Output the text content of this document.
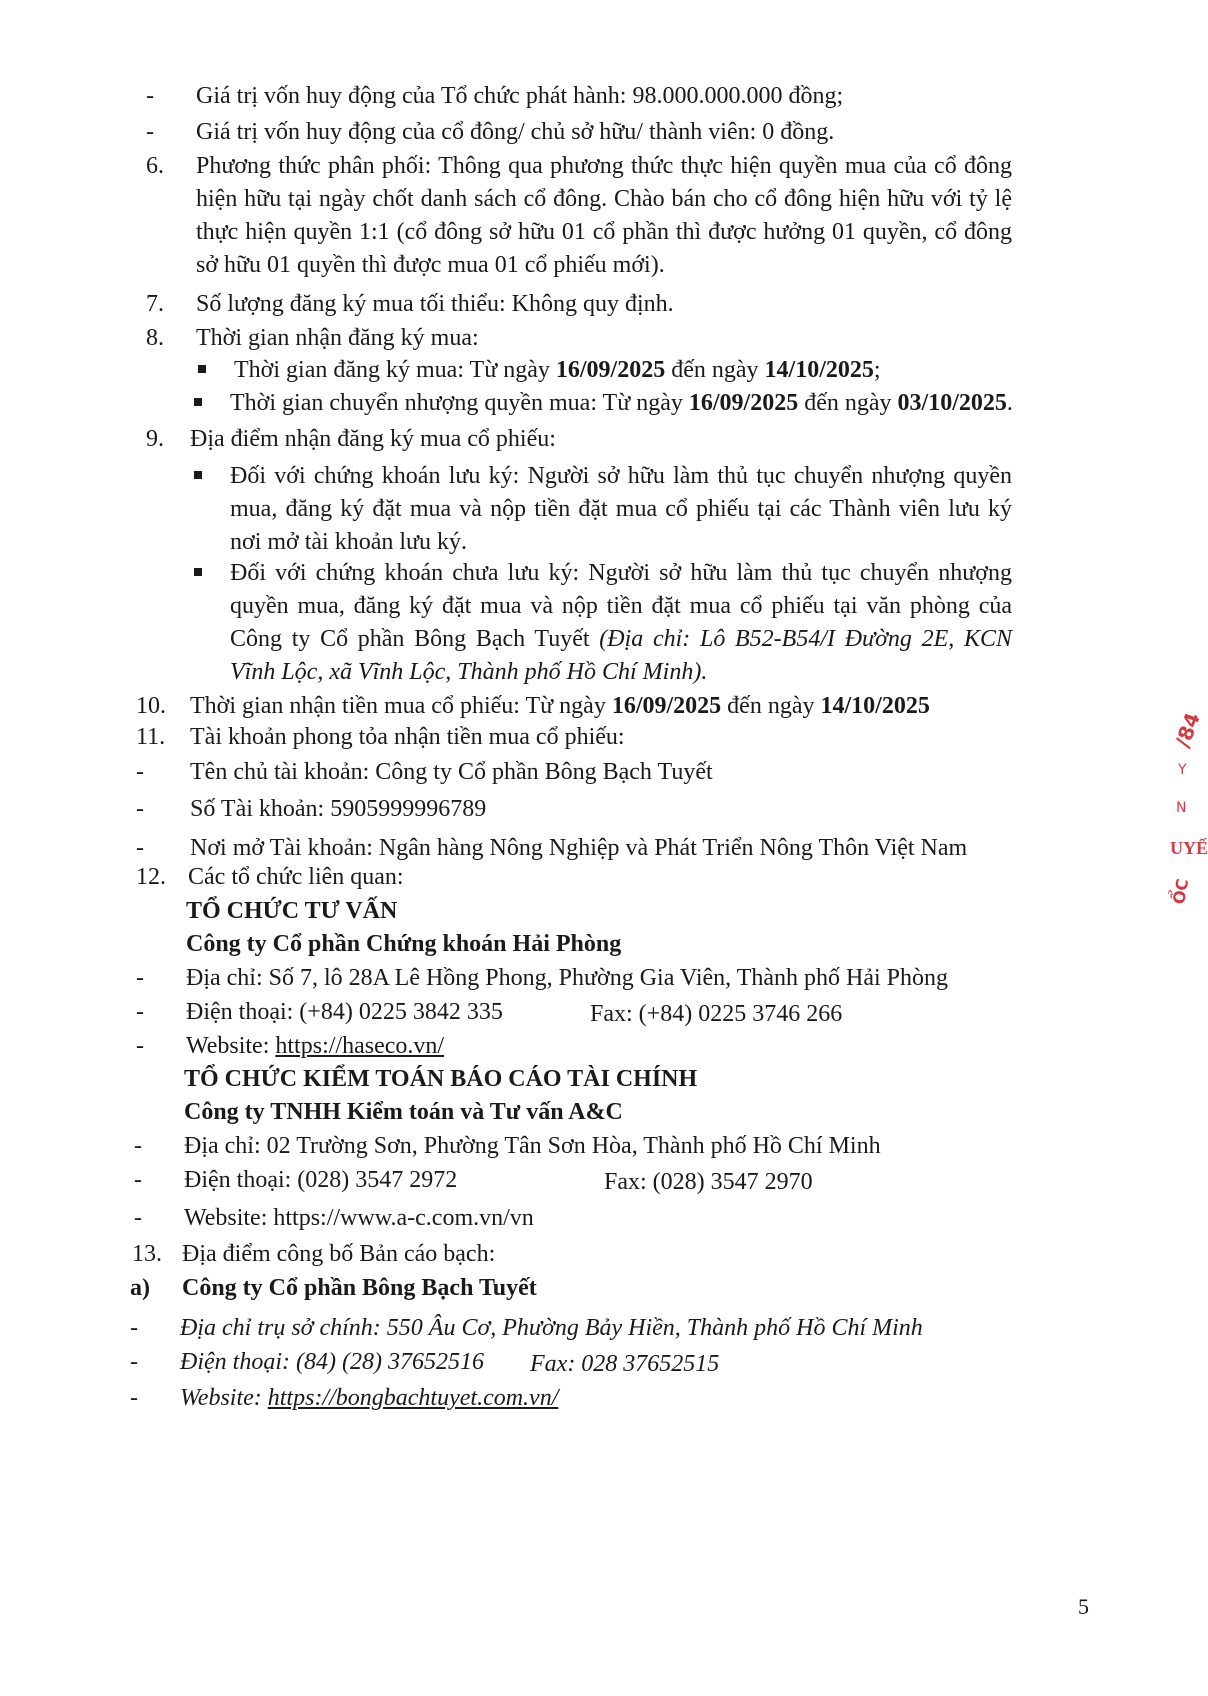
- Giá trị vốn huy động của Tổ chức phát hành: 98.000.000.000 đồng;
- Giá trị vốn huy động của cổ đông/ chủ sở hữu/ thành viên: 0 đồng.
6. Phương thức phân phối: Thông qua phương thức thực hiện quyền mua của cổ đông
hiện hữu tại ngày chốt danh sách cổ đông. Chào bán cho cổ đông hiện hữu với tỷ lệ
thực hiện quyền 1:1 (cổ đông sở hữu 01 cổ phần thì được hưởng 01 quyền, cổ đông
sở hữu 01 quyền thì được mua 01 cổ phiếu mới).
7. Số lượng đăng ký mua tối thiểu: Không quy định.
8. Thời gian nhận đăng ký mua:
Thời gian đăng ký mua: Từ ngày 16/09/2025 đến ngày 14/10/2025;
Thời gian chuyển nhượng quyền mua: Từ ngày 16/09/2025 đến ngày 03/10/2025.
9. Địa điểm nhận đăng ký mua cổ phiếu:
Đối với chứng khoán lưu ký: Người sở hữu làm thủ tục chuyển nhượng quyền
mua, đăng ký đặt mua và nộp tiền đặt mua cổ phiếu tại các Thành viên lưu ký
nơi mở tài khoản lưu ký.
Đối với chứng khoán chưa lưu ký: Người sở hữu làm thủ tục chuyển nhượng
quyền mua, đăng ký đặt mua và nộp tiền đặt mua cổ phiếu tại văn phòng của
Công ty Cổ phần Bông Bạch Tuyết (Địa chỉ: Lô B52-B54/I Đường 2E, KCN
Vĩnh Lộc, xã Vĩnh Lộc, Thành phố Hồ Chí Minh).
10. Thời gian nhận tiền mua cổ phiếu: Từ ngày 16/09/2025 đến ngày 14/10/2025
11. Tài khoản phong tỏa nhận tiền mua cổ phiếu:
- Tên chủ tài khoản: Công ty Cổ phần Bông Bạch Tuyết
- Số Tài khoản: 5905999996789
- Nơi mở Tài khoản: Ngân hàng Nông Nghiệp và Phát Triển Nông Thôn Việt Nam
12. Các tổ chức liên quan:
TỔ CHỨC TƯ VẤN
Công ty Cổ phần Chứng khoán Hải Phòng
- Địa chỉ: Số 7, lô 28A Lê Hồng Phong, Phường Gia Viên, Thành phố Hải Phòng
- Điện thoại: (+84) 0225 3842 335	Fax: (+84) 0225 3746 266
- Website: https://haseco.vn/
TỔ CHỨC KIỂM TOÁN BÁO CÁO TÀI CHÍNH
Công ty TNHH Kiểm toán và Tư vấn A&C
- Địa chỉ: 02 Trường Sơn, Phường Tân Sơn Hòa, Thành phố Hồ Chí Minh
- Điện thoại: (028) 3547 2972	Fax: (028) 3547 2970
- Website: https://www.a-c.com.vn/vn
13. Địa điểm công bố Bản cáo bạch:
a) Công ty Cổ phần Bông Bạch Tuyết
- Địa chỉ trụ sở chính: 550 Âu Cơ, Phường Bảy Hiền, Thành phố Hồ Chí Minh
- Điện thoại: (84) (28) 37652516 Fax: 028 37652515
- Website: https://bongbachtuyet.com.vn/
/84
Y
N
UYẾ
ỔC
5
